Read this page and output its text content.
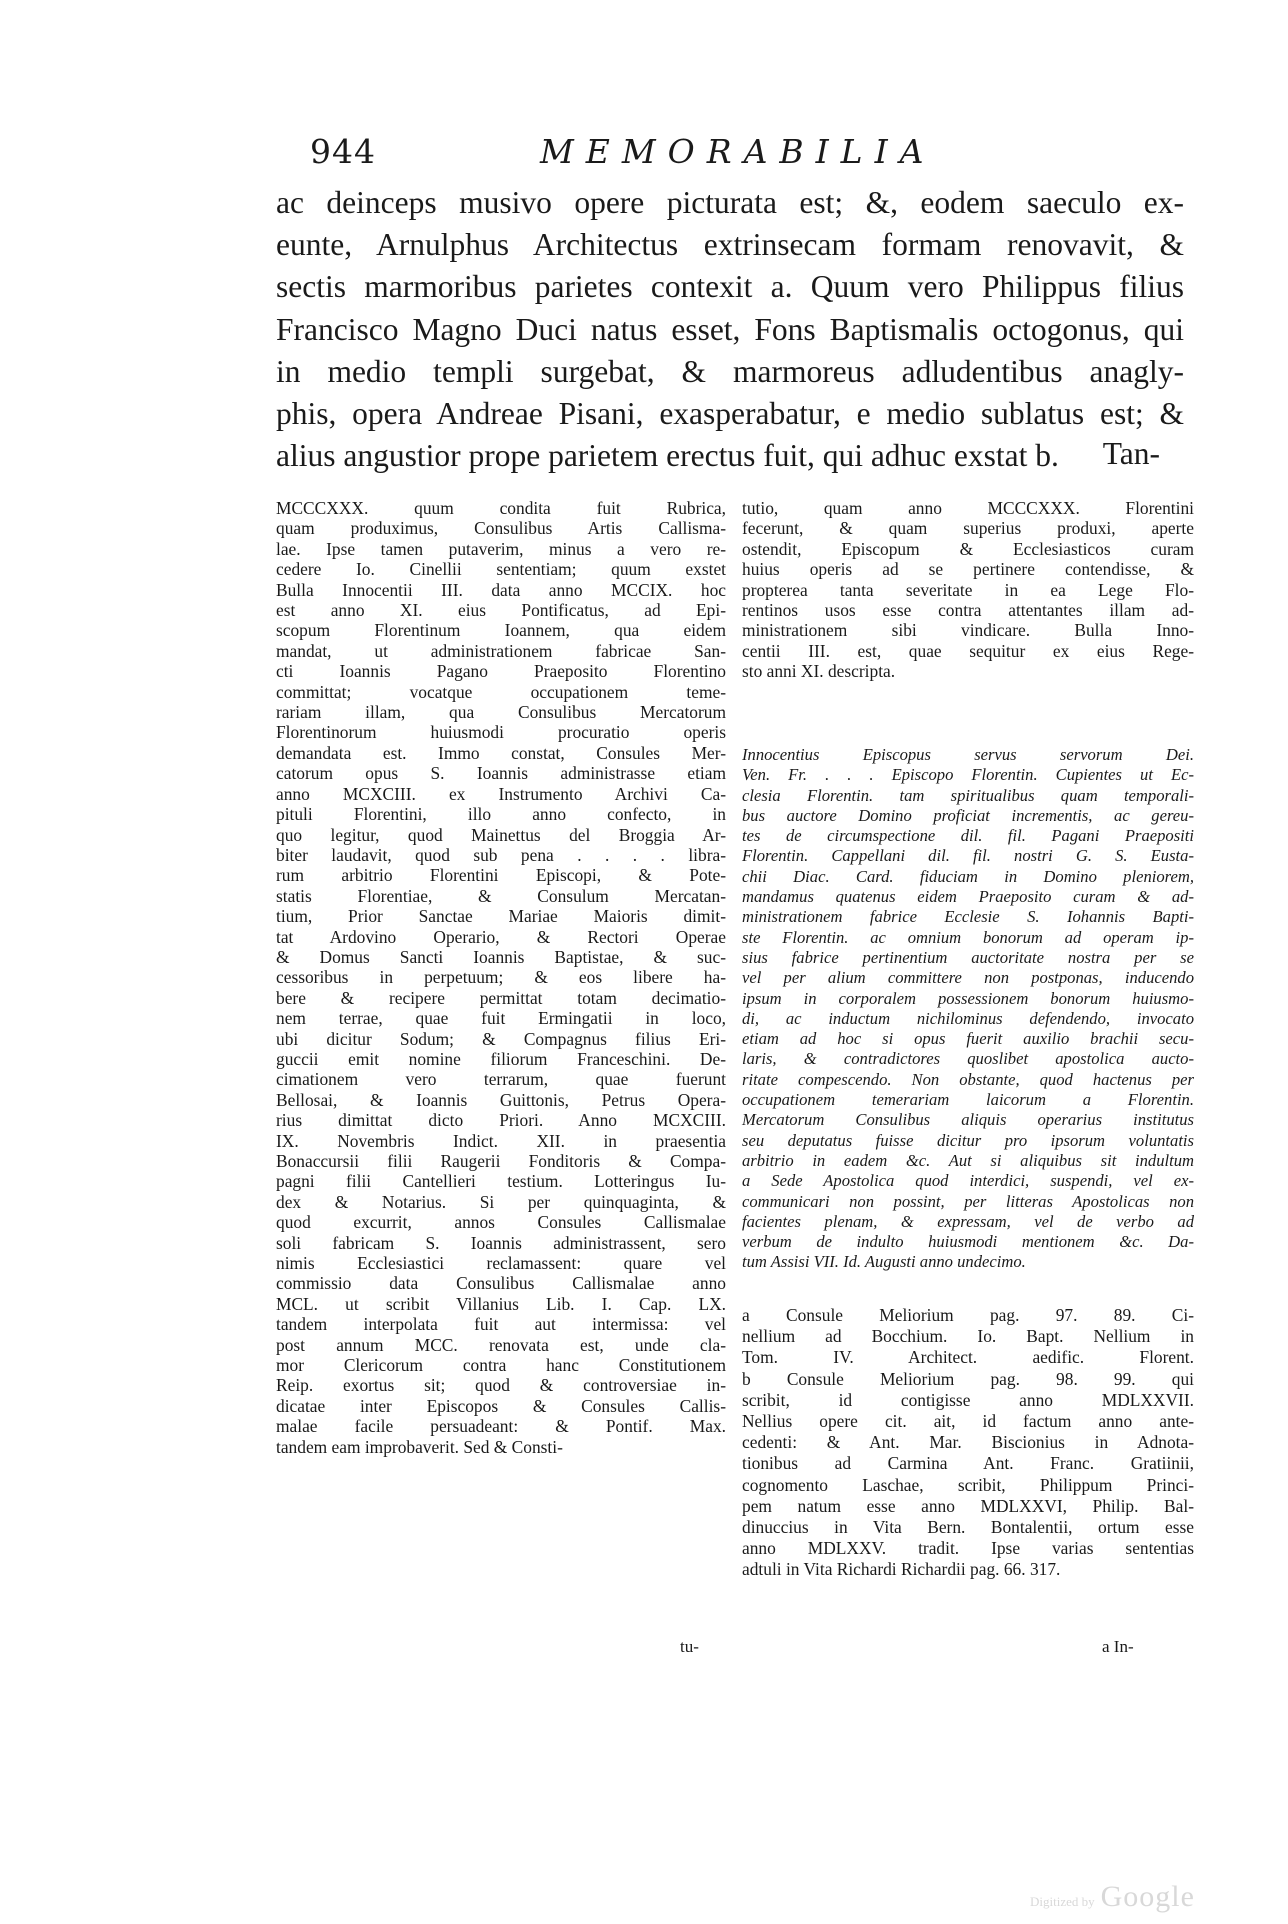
944	MEMORABILIA

ac deinceps musivo opere picturata est; &, eodem saeculo ex-
eunte, Arnulphus Architectus extrinsecam formam renovavit, &
sectis marmoribus parietes contexit a. Quum vero Philippus filius
Francisco Magno Duci natus esset, Fons Baptismalis octogonus, qui
in medio templi surgebat, & marmoreus adludentibus anagly-
phis, opera Andreae Pisani, exasperabatur, e medio sublatus est; &
alius angustior prope parietem erectus fuit, qui adhuc exstat b.	Tan-
MCCCXXX. quum condita fuit Rubrica,
quam produximus, Consulibus Artis Callisma-
lae. Ipse tamen putaverim, minus a vero re-
cedere Io. Cinellii sententiam; quum exstet
Bulla Innocentii III. data anno MCCIX. hoc
est anno XI. eius Pontificatus, ad Epi-
scopum Florentinum Ioannem, qua eidem
mandat, ut administrationem fabricae San-
cti Ioannis Pagano Praeposito Florentino
committat; vocatque occupationem teme-
rariam illam, qua Consulibus Mercatorum
Florentinorum huiusmodi procuratio operis
demandata est. Immo constat, Consules Mer-
catorum opus S. Ioannis administrasse etiam
anno MCXCIII. ex Instrumento Archivi Ca-
pituli Florentini, illo anno confecto, in
quo legitur, quod Mainettus del Broggia Ar-
biter laudavit, quod sub pena . . . . libra-
rum arbitrio Florentini Episcopi, & Pote-
statis Florentiae, & Consulum Mercatan-
tium, Prior Sanctae Mariae Maioris dimit-
tat Ardovino Operario, & Rectori Operae
& Domus Sancti Ioannis Baptistae, & suc-
cessoribus in perpetuum; & eos libere ha-
bere & recipere permittat totam decimatio-
nem terrae, quae fuit Ermingatii in loco,
ubi dicitur Sodum; & Compagnus filius Eri-
guccii emit nomine filiorum Franceschini. De-
cimationem vero terrarum, quae fuerunt
Bellosai, & Ioannis Guittonis, Petrus Opera-
rius dimittat dicto Priori. Anno MCXCIII.
IX. Novembris Indict. XII. in praesentia
Bonaccursii filii Raugerii Fonditoris & Compa-
pagni filii Cantellieri testium. Lotteringus Iu-
dex & Notarius. Si per quinquaginta, &
quod excurrit, annos Consules Callismalae
soli fabricam S. Ioannis administrassent, sero
nimis Ecclesiastici reclamassent: quare vel
commissio data Consulibus Callismalae anno
MCL. ut scribit Villanius Lib. I. Cap. LX.
tandem interpolata fuit aut intermissa: vel
post annum MCC. renovata est, unde cla-
mor Clericorum contra hanc Constitutionem
Reip. exortus sit; quod & controversiae in-
dicatae inter Episcopos & Consules Callis-
malae facile persuadeant: & Pontif. Max.
tandem eam improbaverit. Sed & Consti-
tu-
tutio, quam anno MCCCXXX. Florentini
fecerunt, & quam superius produxi, aperte
ostendit, Episcopum & Ecclesiasticos curam
huius operis ad se pertinere contendisse, &
propterea tanta severitate in ea Lege Flo-
rentinos usos esse contra attentantes illam ad-
ministrationem sibi vindicare. Bulla Inno-
centii III. est, quae sequitur ex eius Rege-
sto anni XI. descripta.
Innocentius Episcopus servus servorum Dei.
Ven. Fr. . . . Episcopo Florentin. Cupientes ut Ec-
clesia Florentin. tam spiritualibus quam temporali-
bus auctore Domino proficiat incrementis, ac gereu-
tes de circumspectione dil. fil. Pagani Praepositi
Florentin. Cappellani dil. fil. nostri G. S. Eusta-
chii Diac. Card. fiduciam in Domino pleniorem,
mandamus quatenus eidem Praeposito curam & ad-
ministrationem fabrice Ecclesie S. Iohannis Bapti-
ste Florentin. ac omnium bonorum ad operam ip-
sius fabrice pertinentium auctoritate nostra per se
vel per alium committere non postponas, inducendo
ipsum in corporalem possessionem bonorum huiusmo-
di, ac inductum nichilominus defendendo, invocato
etiam ad hoc si opus fuerit auxilio brachii secu-
laris, & contradictores quoslibet apostolica aucto-
ritate compescendo. Non obstante, quod hactenus per
occupationem temerariam laicorum a Florentin.
Mercatorum Consulibus aliquis operarius institutus
seu deputatus fuisse dicitur pro ipsorum voluntatis
arbitrio in eadem &c. Aut si aliquibus sit indultum
a Sede Apostolica quod interdici, suspendi, vel ex-
communicari non possint, per litteras Apostolicas non
facientes plenam, & expressam, vel de verbo ad
verbum de indulto huiusmodi mentionem &c. Da-
tum Assisi VII. Id. Augusti anno undecimo.
a Consule Meliorium pag. 97. 89. Ci-
nellium ad Bocchium. Io. Bapt. Nellium in
Tom. IV. Architect. aedific. Florent.
b Consule Meliorium pag. 98. 99. qui
scribit, id contigisse anno MDLXXVII.
Nellius opere cit. ait, id factum anno ante-
cedenti: & Ant. Mar. Biscionius in Adnota-
tionibus ad Carmina Ant. Franc. Gratiinii,
cognomento Laschae, scribit, Philippum Princi-
pem natum esse anno MDLXXVI, Philip. Bal-
dinuccius in Vita Bern. Bontalentii, ortum esse
anno MDLXXV. tradit. Ipse varias sententias
adtuli in Vita Richardi Richardii pag. 66. 317.
a In-
Digitized by Google
